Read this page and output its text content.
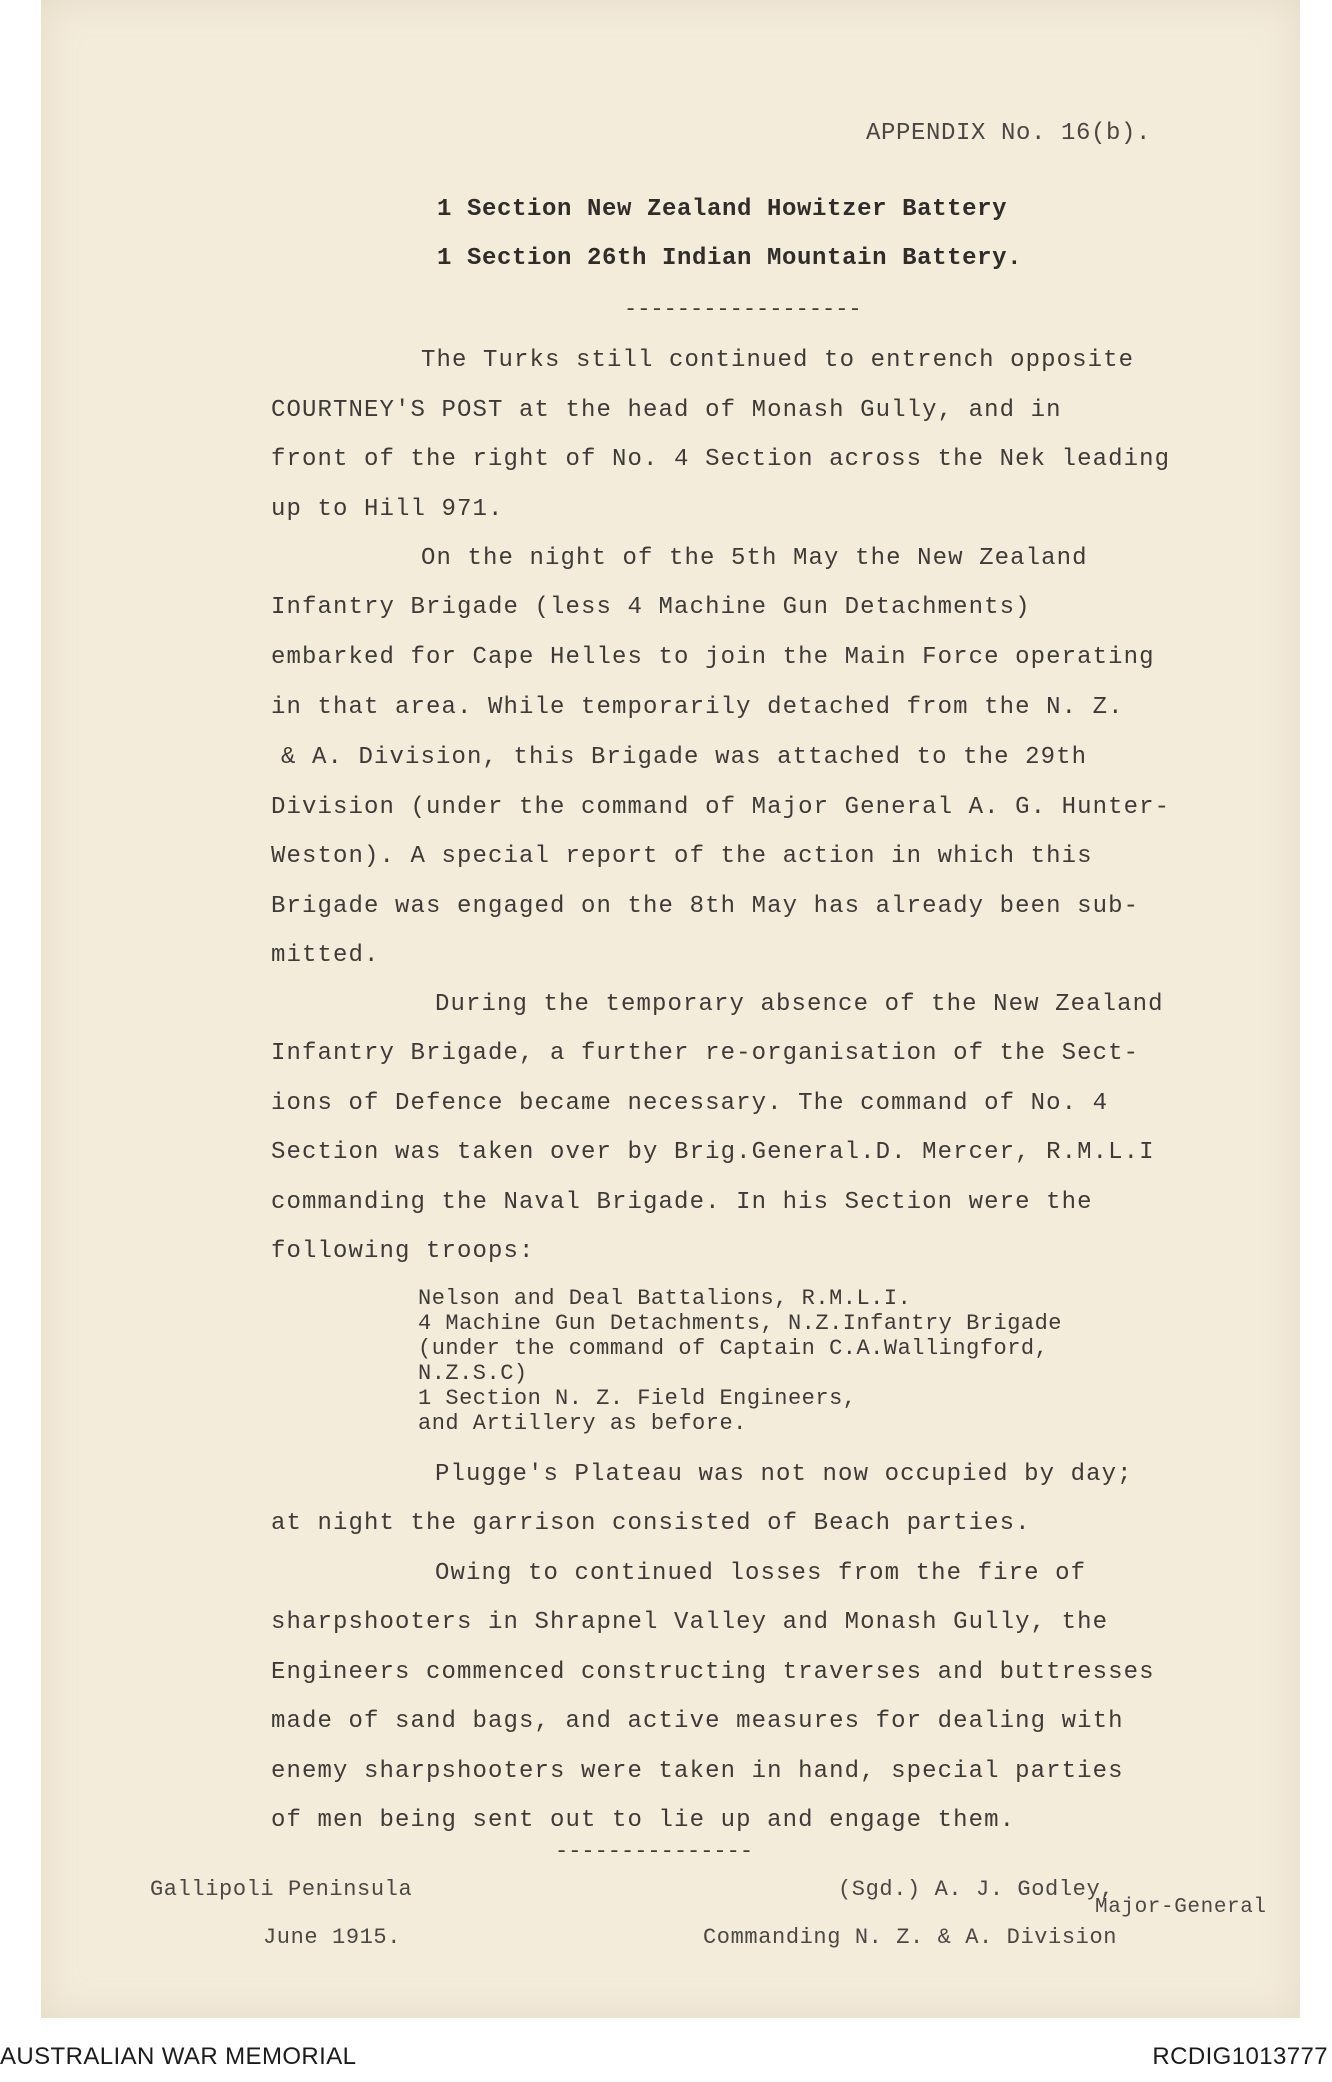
APPENDIX No. 16(b).
1 Section New Zealand Howitzer Battery
1 Section 26th Indian Mountain Battery.
------------------
The Turks still continued to entrench opposite
COURTNEY'S POST at the head of Monash Gully, and in
front of the right of No. 4 Section across the Nek leading
up to Hill 971.
On the night of the 5th May the New Zealand
Infantry Brigade (less 4 Machine Gun Detachments)
embarked for Cape Helles to join the Main Force operating
in that area. While temporarily detached from the N. Z.
& A. Division, this Brigade was attached to the 29th
Division (under the command of Major General A. G. Hunter-
Weston). A special report of the action in which this
Brigade was engaged on the 8th May has already been sub-
mitted.
During the temporary absence of the New Zealand
Infantry Brigade, a further re-organisation of the Sect-
ions of Defence became necessary. The command of No. 4
Section was taken over by Brig.General.D. Mercer, R.M.L.I
commanding the Naval Brigade. In his Section were the
following troops:
Nelson and Deal Battalions, R.M.L.I.
4 Machine Gun Detachments, N.Z.Infantry Brigade
(under the command of Captain C.A.Wallingford,
N.Z.S.C)
1 Section N. Z. Field Engineers,
and Artillery as before.
Plugge's Plateau was not now occupied by day;
at night the garrison consisted of Beach parties.
Owing to continued losses from the fire of
sharpshooters in Shrapnel Valley and Monash Gully, the
Engineers commenced constructing traverses and buttresses
made of sand bags, and active measures for dealing with
enemy sharpshooters were taken in hand, special parties
of men being sent out to lie up and engage them.
---------------
Gallipoli Peninsula
June 1915.
(Sgd.) A. J. Godley,
Major-General
Commanding N. Z. & A. Division
AUSTRALIAN WAR MEMORIAL	RCDIG1013777
